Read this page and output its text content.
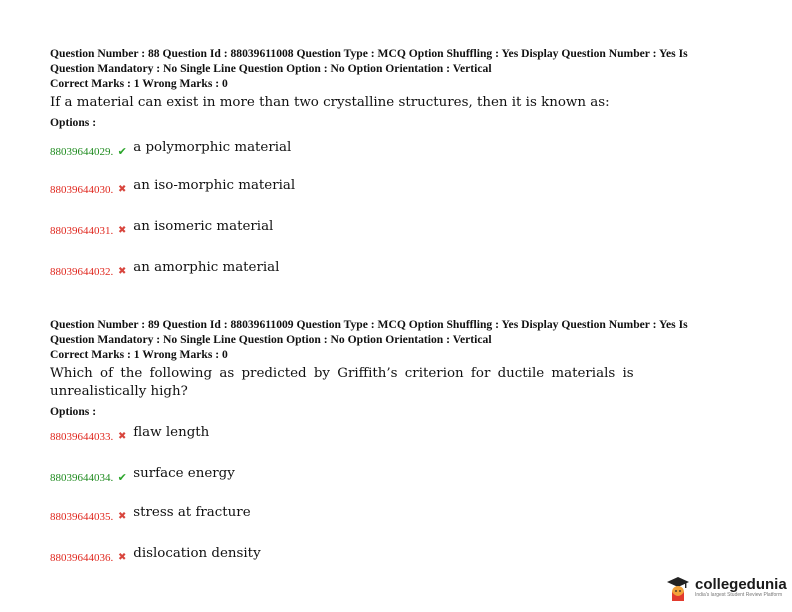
Question Number : 88 Question Id : 88039611008 Question Type : MCQ Option Shuffling : Yes Display Question Number : Yes Is
Question Mandatory : No Single Line Question Option : No Option Orientation : Vertical
Correct Marks : 1 Wrong Marks : 0
If a material can exist in more than two crystalline structures, then it is known as:
Options :
88039644029. ✔ a polymorphic material
88039644030. ✖ an iso-morphic material
88039644031. ✖ an isomeric material
88039644032. ✖ an amorphic material
Question Number : 89 Question Id : 88039611009 Question Type : MCQ Option Shuffling : Yes Display Question Number : Yes Is
Question Mandatory : No Single Line Question Option : No Option Orientation : Vertical
Correct Marks : 1 Wrong Marks : 0
Which of the following as predicted by Griffith’s criterion for ductile materials is
unrealistically high?
Options :
88039644033. ✖ flaw length
88039644034. ✔ surface energy
88039644035. ✖ stress at fracture
88039644036. ✖ dislocation density
collegedunia
India's largest Student Review Platform
